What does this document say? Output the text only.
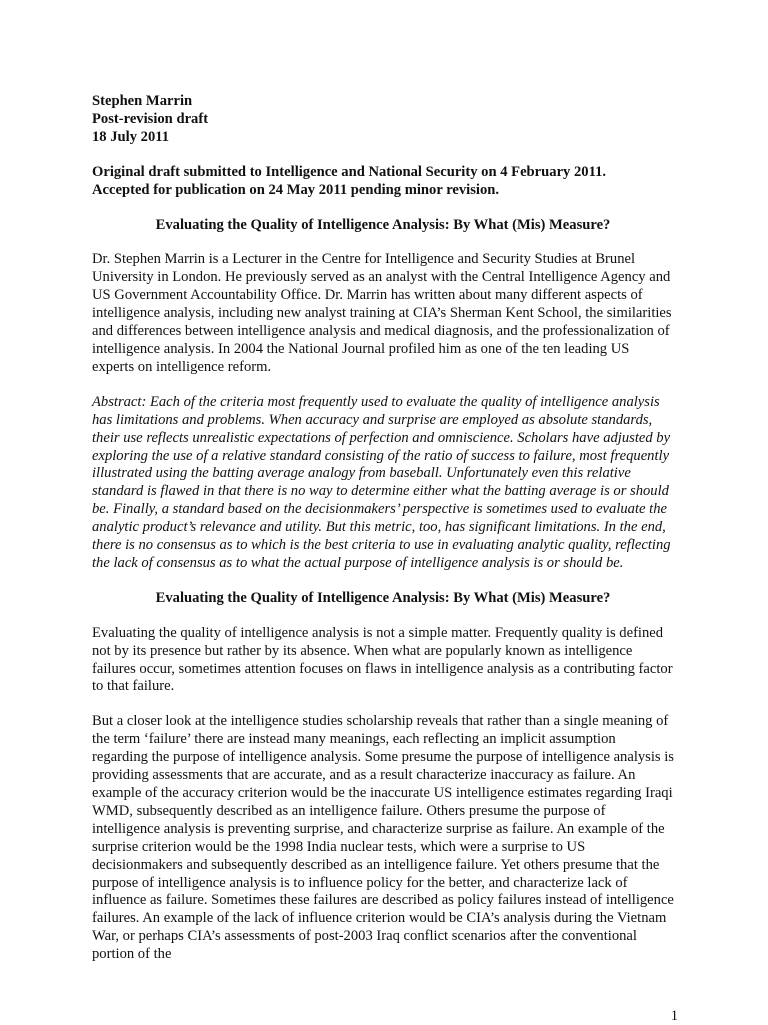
Stephen Marrin

Post-revision draft

18 July 2011

Original draft submitted to Intelligence and National Security on 4 February 2011.

Accepted for publication on 24 May 2011 pending minor revision.

Evaluating the Quality of Intelligence Analysis: By What (Mis) Measure?

Dr. Stephen Marrin is a Lecturer in the Centre for Intelligence and Security Studies at Brunel University in London. He previously served as an analyst with the Central Intelligence Agency and US Government Accountability Office. Dr. Marrin has written about many different aspects of intelligence analysis, including new analyst training at CIA’s Sherman Kent School, the similarities and differences between intelligence analysis and medical diagnosis, and the professionalization of intelligence analysis. In 2004 the National Journal profiled him as one of the ten leading US experts on intelligence reform.

Abstract: Each of the criteria most frequently used to evaluate the quality of intelligence analysis has limitations and problems. When accuracy and surprise are employed as absolute standards, their use reflects unrealistic expectations of perfection and omniscience. Scholars have adjusted by exploring the use of a relative standard consisting of the ratio of success to failure, most frequently illustrated using the batting average analogy from baseball. Unfortunately even this relative standard is flawed in that there is no way to determine either what the batting average is or should be. Finally, a standard based on the decisionmakers’ perspective is sometimes used to evaluate the analytic product’s relevance and utility. But this metric, too, has significant limitations. In the end, there is no consensus as to which is the best criteria to use in evaluating analytic quality, reflecting the lack of consensus as to what the actual purpose of intelligence analysis is or should be.

Evaluating the Quality of Intelligence Analysis: By What (Mis) Measure?

Evaluating the quality of intelligence analysis is not a simple matter. Frequently quality is defined not by its presence but rather by its absence. When what are popularly known as intelligence failures occur, sometimes attention focuses on flaws in intelligence analysis as a contributing factor to that failure.

But a closer look at the intelligence studies scholarship reveals that rather than a single meaning of the term ‘failure’ there are instead many meanings, each reflecting an implicit assumption regarding the purpose of intelligence analysis. Some presume the purpose of intelligence analysis is providing assessments that are accurate, and as a result characterize inaccuracy as failure. An example of the accuracy criterion would be the inaccurate US intelligence estimates regarding Iraqi WMD, subsequently described as an intelligence failure. Others presume the purpose of intelligence analysis is preventing surprise, and characterize surprise as failure. An example of the surprise criterion would be the 1998 India nuclear tests, which were a surprise to US decisionmakers and subsequently described as an intelligence failure. Yet others presume that the purpose of intelligence analysis is to influence policy for the better, and characterize lack of influence as failure. Sometimes these failures are described as policy failures instead of intelligence failures. An example of the lack of influence criterion would be CIA’s analysis during the Vietnam War, or perhaps CIA’s assessments of post-2003 Iraq conflict scenarios after the conventional portion of the

1
